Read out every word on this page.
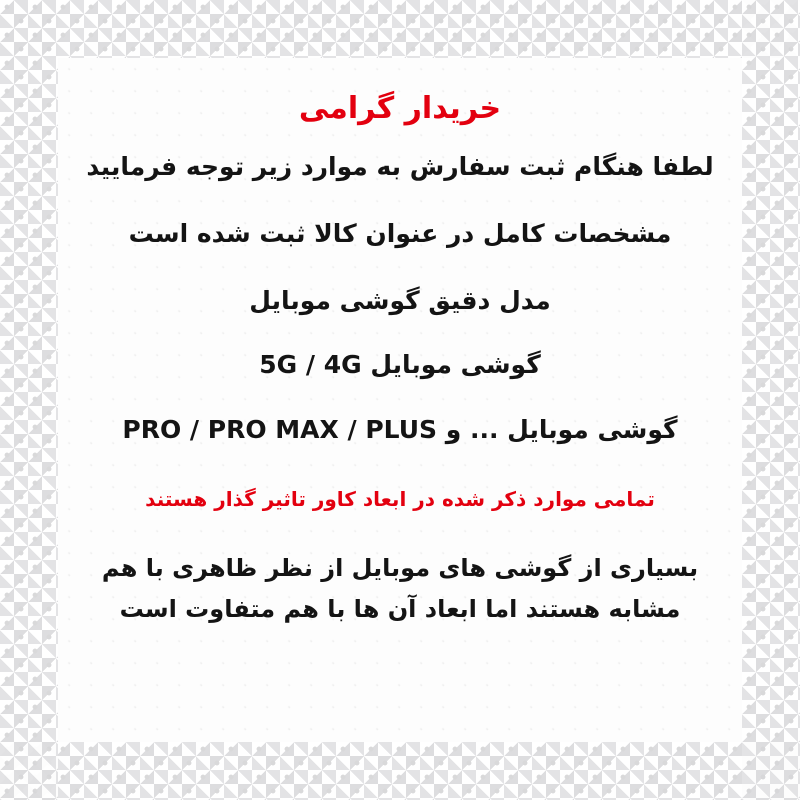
خریدار گرامی

لطفا هنگام ثبت سفارش به موارد زیر توجه فرمایید

مشخصات کامل در عنوان کالا ثبت شده است

مدل دقیق گوشی موبایل

گوشی موبایل 5G / 4G

گوشی موبایل ... و PRO / PRO MAX / PLUS

تمامی موارد ذکر شده در ابعاد کاور تاثیر گذار هستند

بسیاری از گوشی های موبایل از نظر ظاهری با هم مشابه هستند اما ابعاد آن ها با هم متفاوت است
